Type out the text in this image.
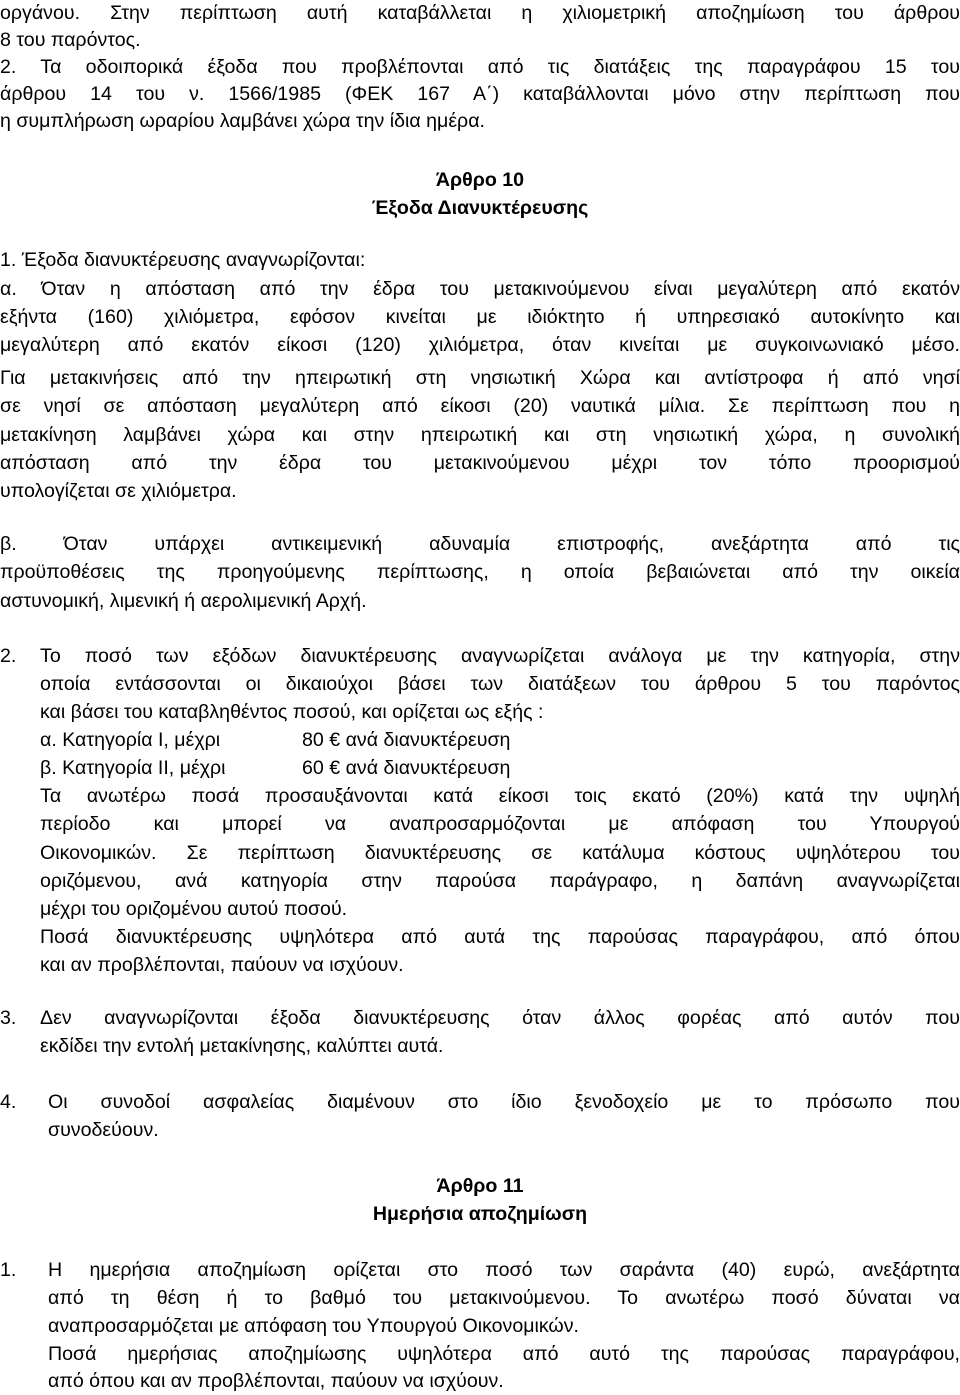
οργάνου. Στην περίπτωση αυτή καταβάλλεται η χιλιομετρική αποζημίωση του άρθρου
8 του παρόντος.
2. Τα οδοιπορικά έξοδα που προβλέπονται από τις διατάξεις της παραγράφου 15 του
άρθρου 14 του ν. 1566/1985 (ΦΕΚ 167 Α΄) καταβάλλονται μόνο στην περίπτωση που
η συμπλήρωση ωραρίου λαμβάνει χώρα την ίδια ημέρα.
Άρθρο 10
Έξοδα Διανυκτέρευσης
1. Έξοδα διανυκτέρευσης αναγνωρίζονται:
α. Όταν η απόσταση από την έδρα του μετακινούμενου είναι μεγαλύτερη από εκατόν
εξήντα (160) χιλιόμετρα, εφόσον κινείται με ιδιόκτητο ή υπηρεσιακό αυτοκίνητο και
μεγαλύτερη από εκατόν είκοσι (120) χιλιόμετρα, όταν κινείται με συγκοινωνιακό μέσο.
Για μετακινήσεις από την ηπειρωτική στη νησιωτική Χώρα και αντίστροφα ή από νησί
σε νησί σε απόσταση μεγαλύτερη από είκοσι (20) ναυτικά μίλια. Σε περίπτωση που η
μετακίνηση λαμβάνει χώρα και στην ηπειρωτική και στη νησιωτική χώρα, η συνολική
απόσταση από την έδρα του μετακινούμενου μέχρι τον τόπο προορισμού
υπολογίζεται σε χιλιόμετρα.
β. Όταν υπάρχει αντικειμενική αδυναμία επιστροφής, ανεξάρτητα από τις
προϋποθέσεις της προηγούμενης περίπτωσης, η οποία βεβαιώνεται από την οικεία
αστυνομική, λιμενική ή αερολιμενική Αρχή.
2. Το ποσό των εξόδων διανυκτέρευσης αναγνωρίζεται ανάλογα με την κατηγορία, στην
οποία εντάσσονται οι δικαιούχοι βάσει των διατάξεων του άρθρου 5 του παρόντος
και βάσει του καταβληθέντος ποσού, και ορίζεται ως εξής :
α. Κατηγορία Ι, μέχρι	80 € ανά διανυκτέρευση
β. Κατηγορία ΙΙ, μέχρι	60 € ανά διανυκτέρευση
Τα ανωτέρω ποσά προσαυξάνονται κατά είκοσι τοις εκατό (20%) κατά την υψηλή
περίοδο και μπορεί να αναπροσαρμόζονται με απόφαση του Υπουργού
Οικονομικών. Σε περίπτωση διανυκτέρευσης σε κατάλυμα κόστους υψηλότερου του
οριζόμενου, ανά κατηγορία στην παρούσα παράγραφο, η δαπάνη αναγνωρίζεται
μέχρι του οριζομένου αυτού ποσού.
Ποσά διανυκτέρευσης υψηλότερα από αυτά της παρούσας παραγράφου, από όπου
και αν προβλέπονται, παύουν να ισχύουν.
3.	Δεν αναγνωρίζονται έξοδα διανυκτέρευσης όταν άλλος φορέας από αυτόν που
εκδίδει την εντολή μετακίνησης, καλύπτει αυτά.
4.	Οι συνοδοί ασφαλείας διαμένουν στο ίδιο ξενοδοχείο με το πρόσωπο που
συνοδεύουν.
Άρθρο 11
Ημερήσια αποζημίωση
1.	Η ημερήσια αποζημίωση ορίζεται στο ποσό των σαράντα (40) ευρώ, ανεξάρτητα
από τη θέση ή το βαθμό του μετακινούμενου. Το ανωτέρω ποσό δύναται να
αναπροσαρμόζεται με απόφαση του Υπουργού Οικονομικών.
Ποσά ημερήσιας αποζημίωσης υψηλότερα από αυτό της παρούσας παραγράφου,
από όπου και αν προβλέπονται, παύουν να ισχύουν.
